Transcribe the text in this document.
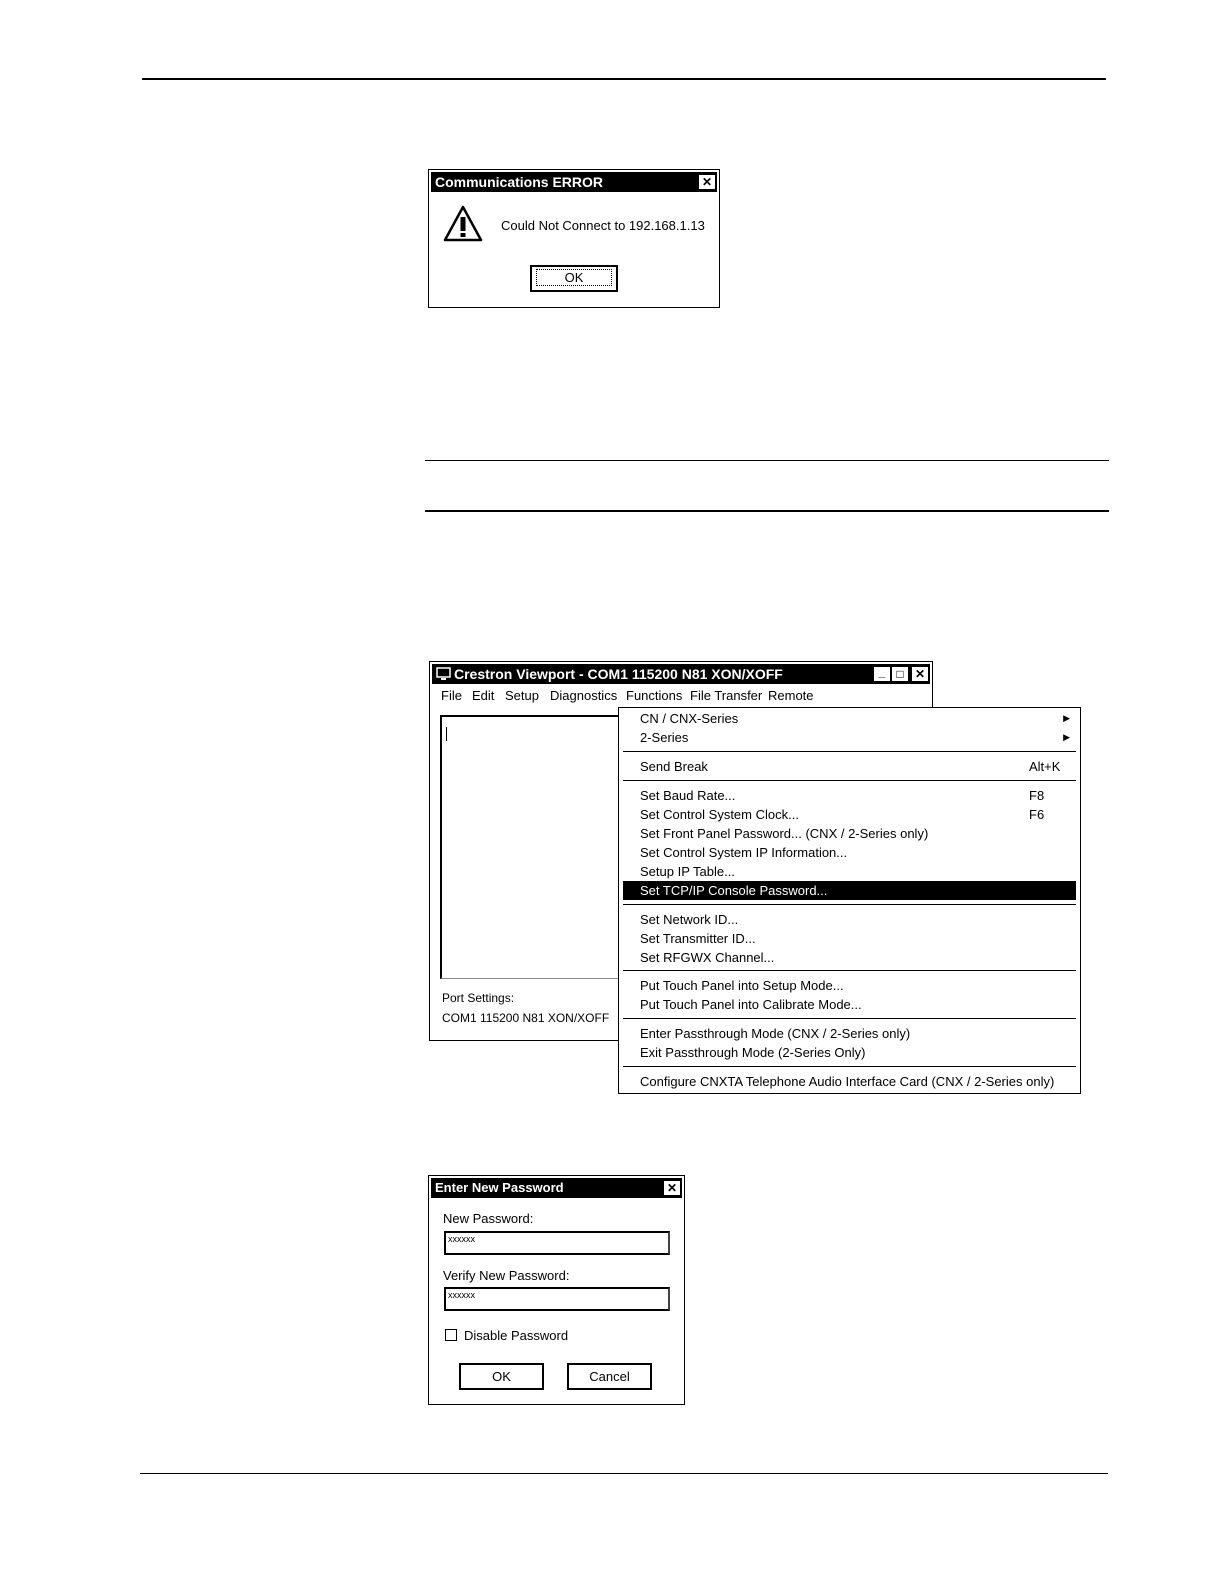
Communications ERROR	✕
Could Not Connect to 192.168.1.13
OK
Crestron Viewport - COM1 115200 N81 XON/XOFF	_ □ ✕
File Edit Setup Diagnostics Functions File Transfer Remote
Port Settings:
COM1 115200 N81 XON/XOFF
CN / CNX-Series	▶
2-Series	▶
Send Break	Alt+K
Set Baud Rate...	F8
Set Control System Clock...	F6
Set Front Panel Password... (CNX / 2-Series only)
Set Control System IP Information...
Setup IP Table...
Set TCP/IP Console Password...
Set Network ID...
Set Transmitter ID...
Set RFGWX Channel...
Put Touch Panel into Setup Mode...
Put Touch Panel into Calibrate Mode...
Enter Passthrough Mode (CNX / 2-Series only)
Exit Passthrough Mode (2-Series Only)
Configure CNXTA Telephone Audio Interface Card (CNX / 2-Series only)
Enter New Password	✕
New Password:
xxxxxx
Verify New Password:
xxxxxx
Disable Password
OK	Cancel
